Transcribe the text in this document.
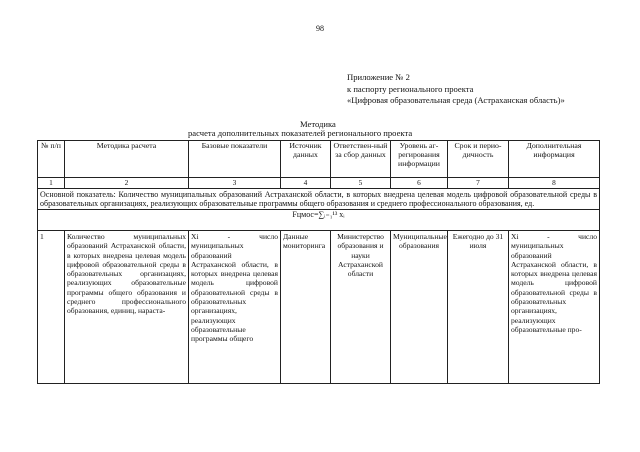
98
Приложение № 2
к паспорту регионального проекта
«Цифровая образовательная среда (Астраханская область)»
Методика
расчета дополнительных показателей регионального проекта
№ п/п	Методика расчета	Базовые показатели	Источник данных	Ответствен-ный за сбор данных	Уровень аг-регирования информации	Срок и перио-дичность	Дополнительная информация
1	2	3	4	5	6	7	8
Основной показатель: Количество муниципальных образований Астраханской области, в которых внедрена целевая модель цифровой образовательной среды в образовательных организациях, реализующих образовательные программы общего образования и среднего профессионального образования, ед.							
Fцмос=∑ᵢ₌₁¹³ xᵢ							
1	Количество муниципальных образований Астраханской области, в которых внедрена целевая модель цифровой образовательной среды в образовательных организациях, реализующих образовательные программы общего образования и среднего профессионального образования, единиц, нараста-	Xi - число муниципальных образований Астраханской области, в которых внедрена целевая модель цифровой образовательной среды в образовательных организациях, реализующих образовательные программы общего	Данные мониторинга	Министерство образования и науки Астраханской области	Муниципальные образования	Ежегодно до 31 июля	Xi - число муниципальных образований Астраханской области, в которых внедрена целевая модель цифровой образовательной среды в образовательных организациях, реализующих образовательные про-
